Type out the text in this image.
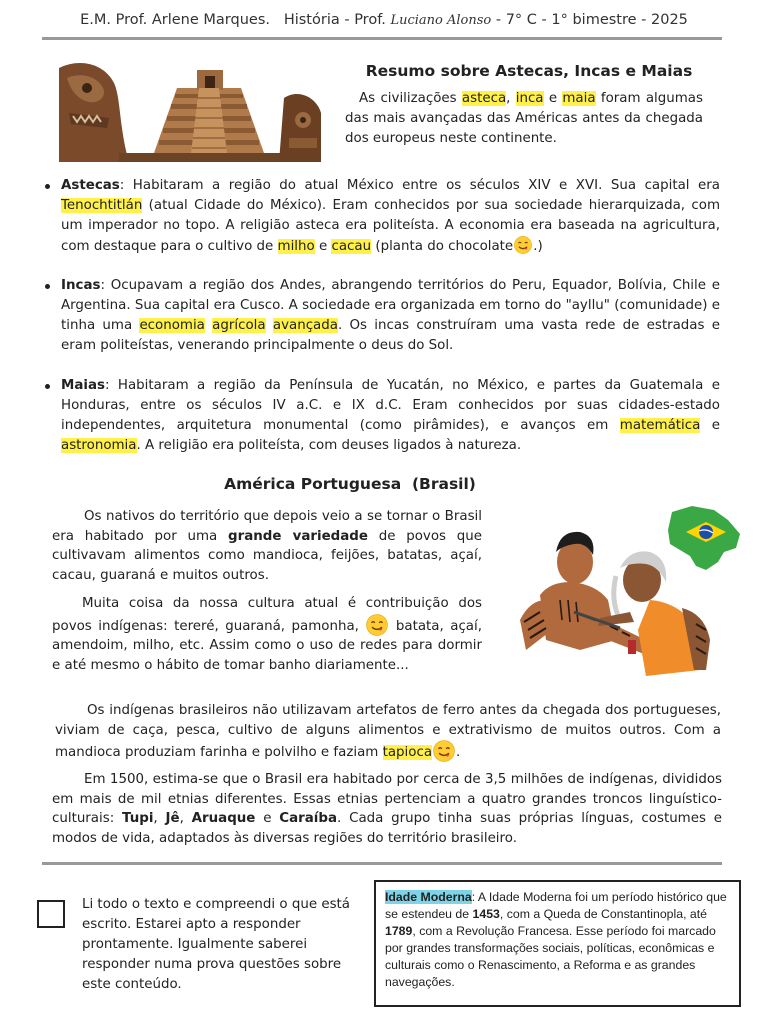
E.M. Prof. Arlene Marques. História - Prof. Luciano Alonso - 7° C - 1° bimestre - 2025
Resumo sobre Astecas, Incas e Maias
As civilizações asteca, inca e maia foram algumas das mais avançadas das Américas antes da chegada dos europeus neste continente.
Astecas: Habitaram a região do atual México entre os séculos XIV e XVI. Sua capital era Tenochtitlán (atual Cidade do México). Eram conhecidos por sua sociedade hierarquizada, com um imperador no topo. A religião asteca era politeísta. A economia era baseada na agricultura, com destaque para o cultivo de milho e cacau (planta do chocolate .)
Incas: Ocupavam a região dos Andes, abrangendo territórios do Peru, Equador, Bolívia, Chile e Argentina. Sua capital era Cusco. A sociedade era organizada em torno do "ayllu" (comunidade) e tinha uma economia agrícola avançada. Os incas construíram uma vasta rede de estradas e eram politeístas, venerando principalmente o deus do Sol.
Maias: Habitaram a região da Península de Yucatán, no México, e partes da Guatemala e Honduras, entre os séculos IV a.C. e IX d.C. Eram conhecidos por suas cidades-estado independentes, arquitetura monumental (como pirâmides), e avanços em matemática e astronomia. A religião era politeísta, com deuses ligados à natureza.
América Portuguesa  (Brasil)
Os nativos do território que depois veio a se tornar o Brasil era habitado por uma grande variedade de povos que cultivavam alimentos como mandioca, feijões, batatas, açaí, cacau, guaraná e muitos outros.
Muita coisa da nossa cultura atual é contribuição dos povos indígenas: tereré, guaraná, pamonha,  batata, açaí, amendoim, milho, etc. Assim como o uso de redes para dormir e até mesmo o hábito de tomar banho diariamente...
Os indígenas brasileiros não utilizavam artefatos de ferro antes da chegada dos portugueses, viviam de caça, pesca, cultivo de alguns alimentos e extrativismo de muitos outros. Com a mandioca produziam farinha e polvilho e faziam tapioca .
Em 1500, estima-se que o Brasil era habitado por cerca de 3,5 milhões de indígenas, divididos em mais de mil etnias diferentes. Essas etnias pertenciam a quatro grandes troncos linguístico-culturais: Tupi, Jê, Aruaque e Caraíba. Cada grupo tinha suas próprias línguas, costumes e modos de vida, adaptados às diversas regiões do território brasileiro.
Li todo o texto e compreendi o que está escrito. Estarei apto a responder prontamente. Igualmente saberei responder numa prova questões sobre este conteúdo.
Idade Moderna: A Idade Moderna foi um período histórico que se estendeu de 1453, com a Queda de Constantinopla, até 1789, com a Revolução Francesa. Esse período foi marcado por grandes transformações sociais, políticas, econômicas e culturais como o Renascimento, a Reforma e as grandes navegações.
